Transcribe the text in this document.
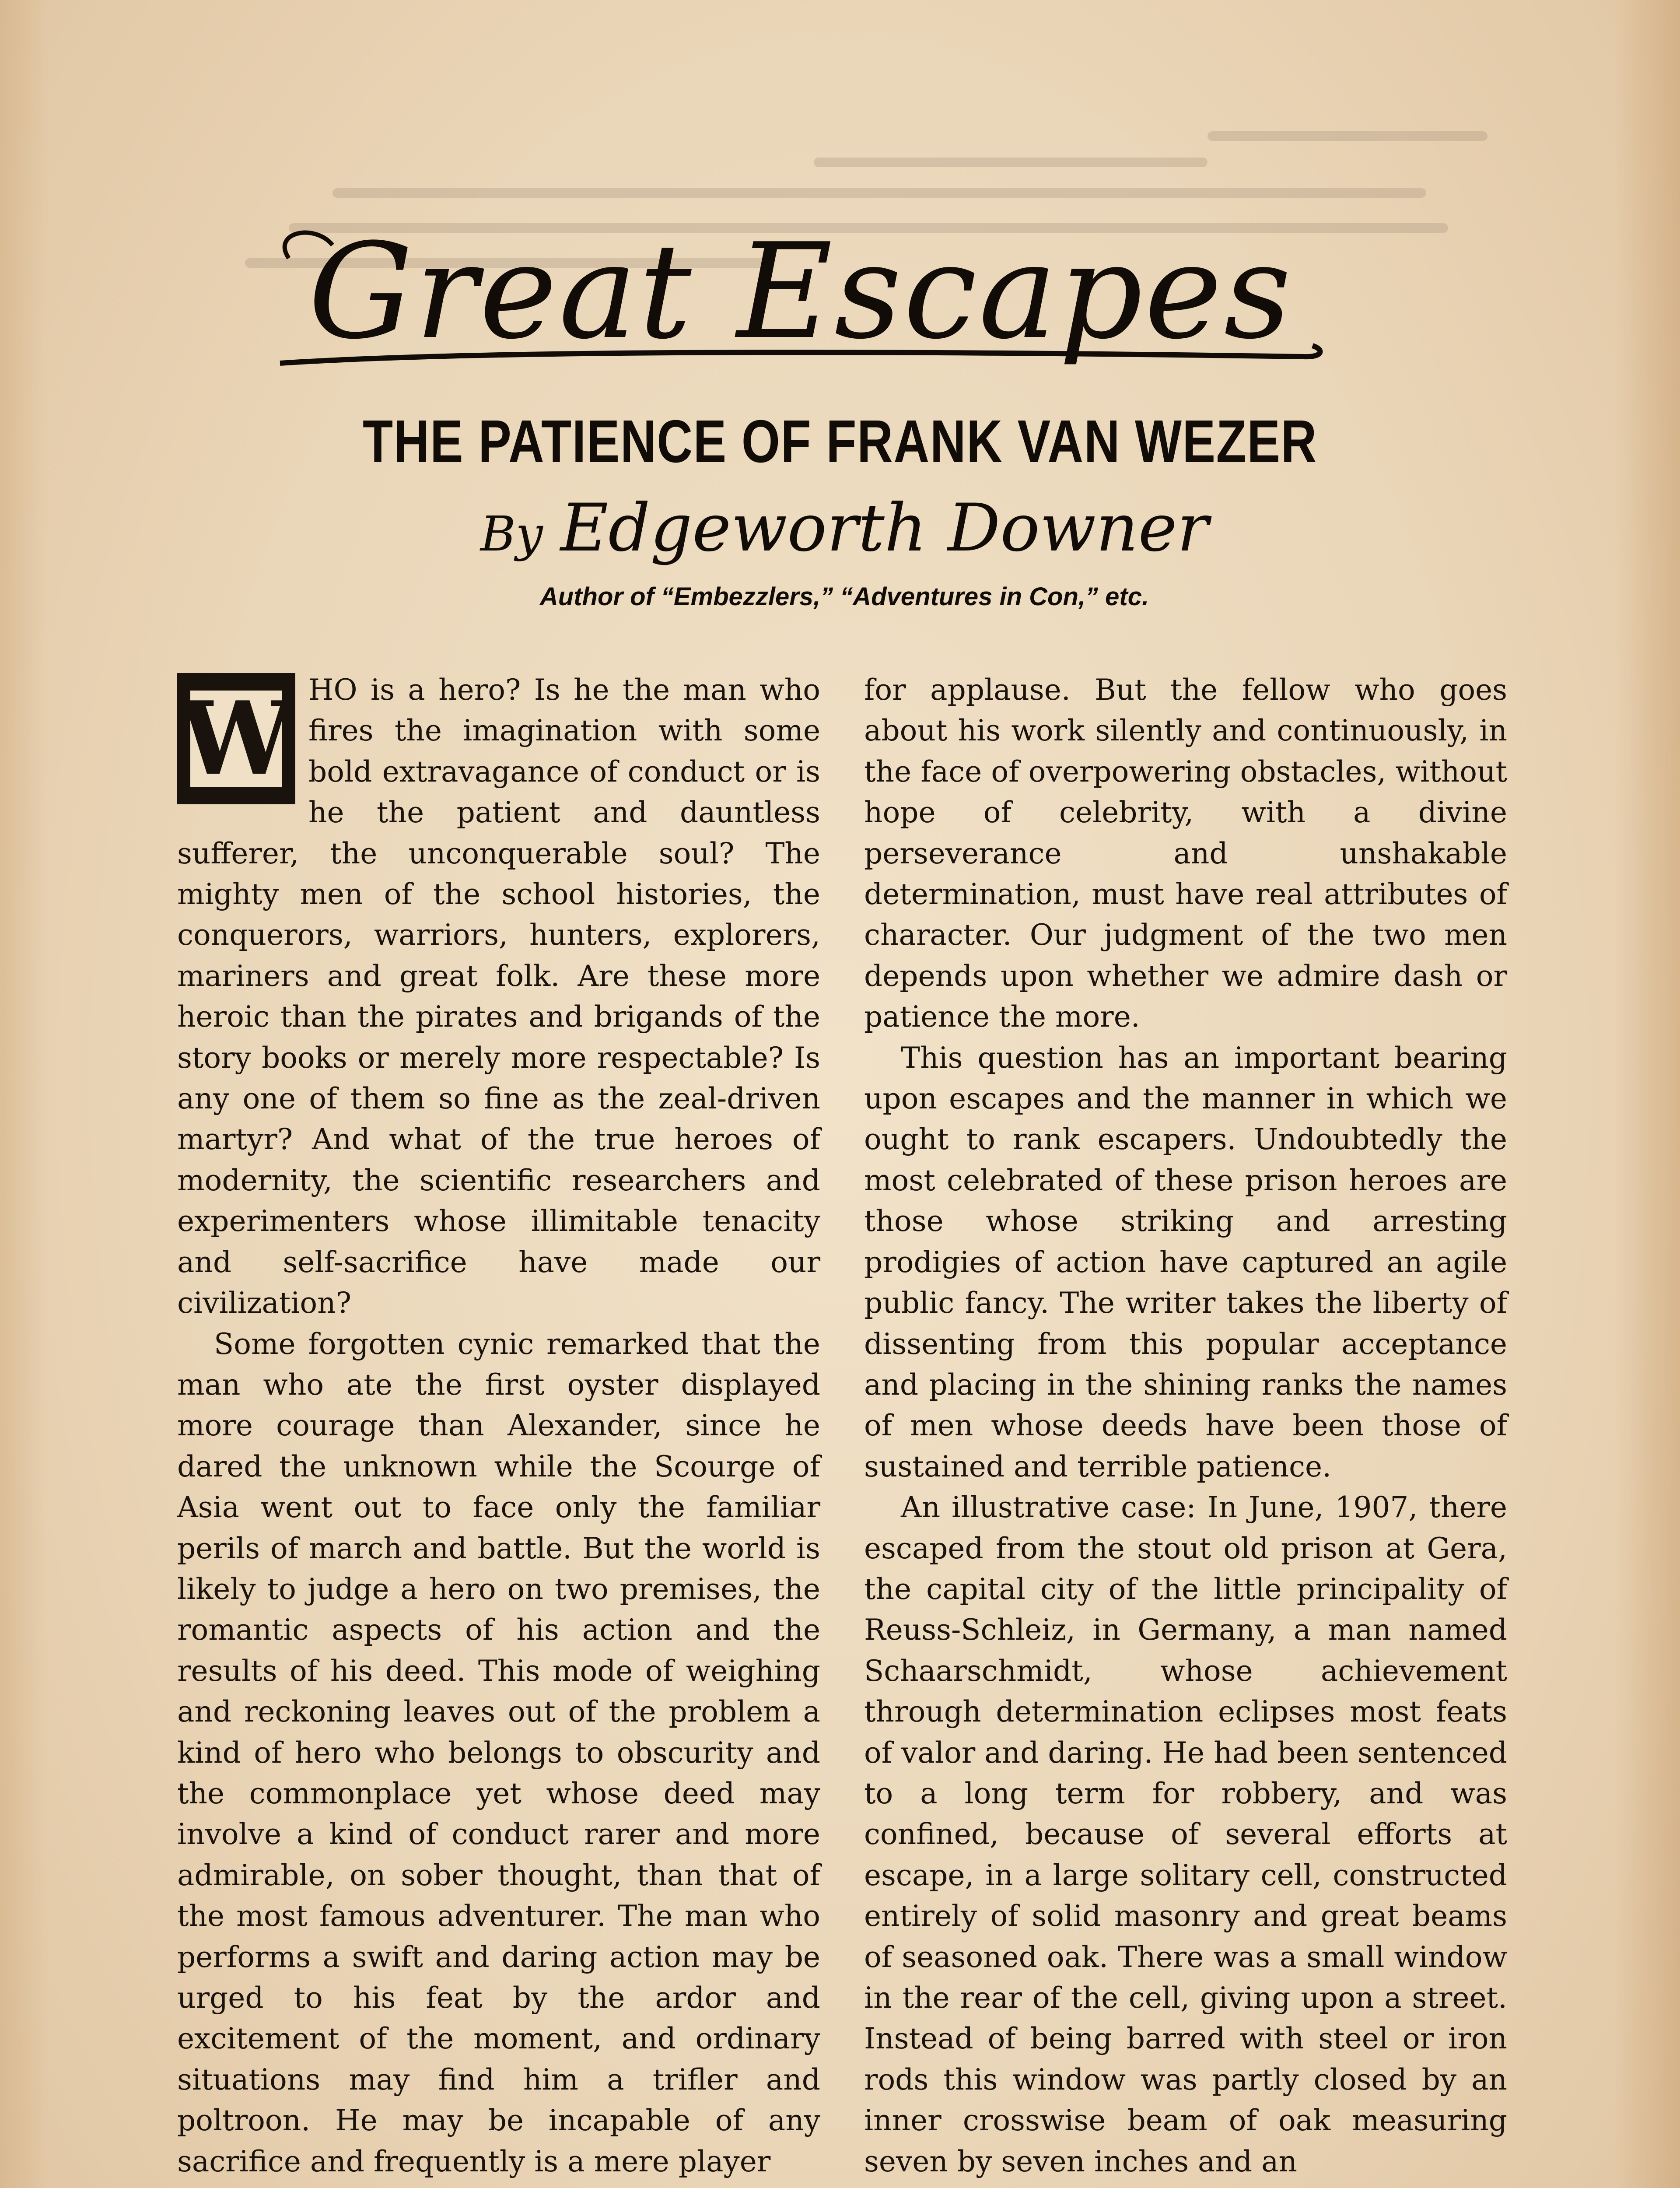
Great Escapes
THE PATIENCE OF FRANK VAN WEZER
By Edgeworth Downer
Author of “Embezzlers,” “Adventures in Con,” etc.

W HO is a hero? Is he the man who fires the imagination with some bold extravagance of conduct or is he the patient and dauntless sufferer, the unconquerable soul? The mighty men of the school histories, the conquerors, warriors, hunters, explorers, mariners and great folk. Are these more heroic than the pirates and brigands of the story books or merely more respectable? Is any one of them so fine as the zeal-driven martyr? And what of the true heroes of modernity, the scientific researchers and experimenters whose illimitable tenacity and self-sacrifice have made our civilization?

Some forgotten cynic remarked that the man who ate the first oyster displayed more courage than Alexander, since he dared the unknown while the Scourge of Asia went out to face only the familiar perils of march and battle. But the world is likely to judge a hero on two premises, the romantic aspects of his action and the results of his deed. This mode of weighing and reckoning leaves out of the problem a kind of hero who belongs to obscurity and the commonplace yet whose deed may involve a kind of conduct rarer and more admirable, on sober thought, than that of the most famous adventurer. The man who performs a swift and daring action may be urged to his feat by the ardor and excitement of the moment, and ordinary situations may find him a trifler and poltroon. He may be incapable of any sacrifice and frequently is a mere player

for applause. But the fellow who goes about his work silently and continuously, in the face of overpowering obstacles, without hope of celebrity, with a divine perseverance and unshakable determination, must have real attributes of character. Our judgment of the two men depends upon whether we admire dash or patience the more.

This question has an important bearing upon escapes and the manner in which we ought to rank escapers. Undoubtedly the most celebrated of these prison heroes are those whose striking and arresting prodigies of action have captured an agile public fancy. The writer takes the liberty of dissenting from this popular acceptance and placing in the shining ranks the names of men whose deeds have been those of sustained and terrible patience.

An illustrative case: In June, 1907, there escaped from the stout old prison at Gera, the capital city of the little principality of Reuss-Schleiz, in Germany, a man named Schaarschmidt, whose achievement through determination eclipses most feats of valor and daring. He had been sentenced to a long term for robbery, and was confined, because of several efforts at escape, in a large solitary cell, constructed entirely of solid masonry and great beams of seasoned oak. There was a small window in the rear of the cell, giving upon a street. Instead of being barred with steel or iron rods this window was partly closed by an inner crosswise beam of oak measuring seven by seven inches and an
